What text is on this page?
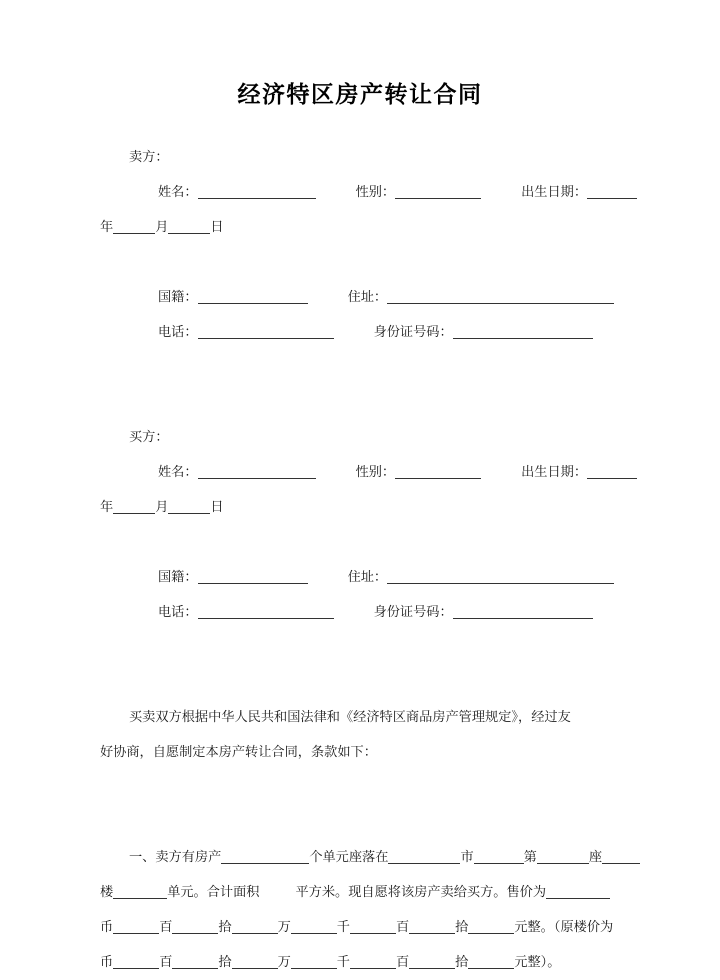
经济特区房产转让合同
卖方：
姓名：	性别：	出生日期：
年	月	日
国籍：	住址：
电话：	身份证号码：
买方：
姓名：	性别：	出生日期：
年	月	日
国籍：	住址：
电话：	身份证号码：
买卖双方根据中华人民共和国法律和《经济特区商品房产管理规定》，经过友
好协商，自愿制定本房产转让合同，条款如下：
一、卖方有房产	个单元座落在	市	第	座
楼	单元。合计面积	平方米。现自愿将该房产卖给买方。售价为
币	百	拾	万	千	百	拾	元整。（原楼价为
币	百	拾	万	千	百	拾	元整）。
